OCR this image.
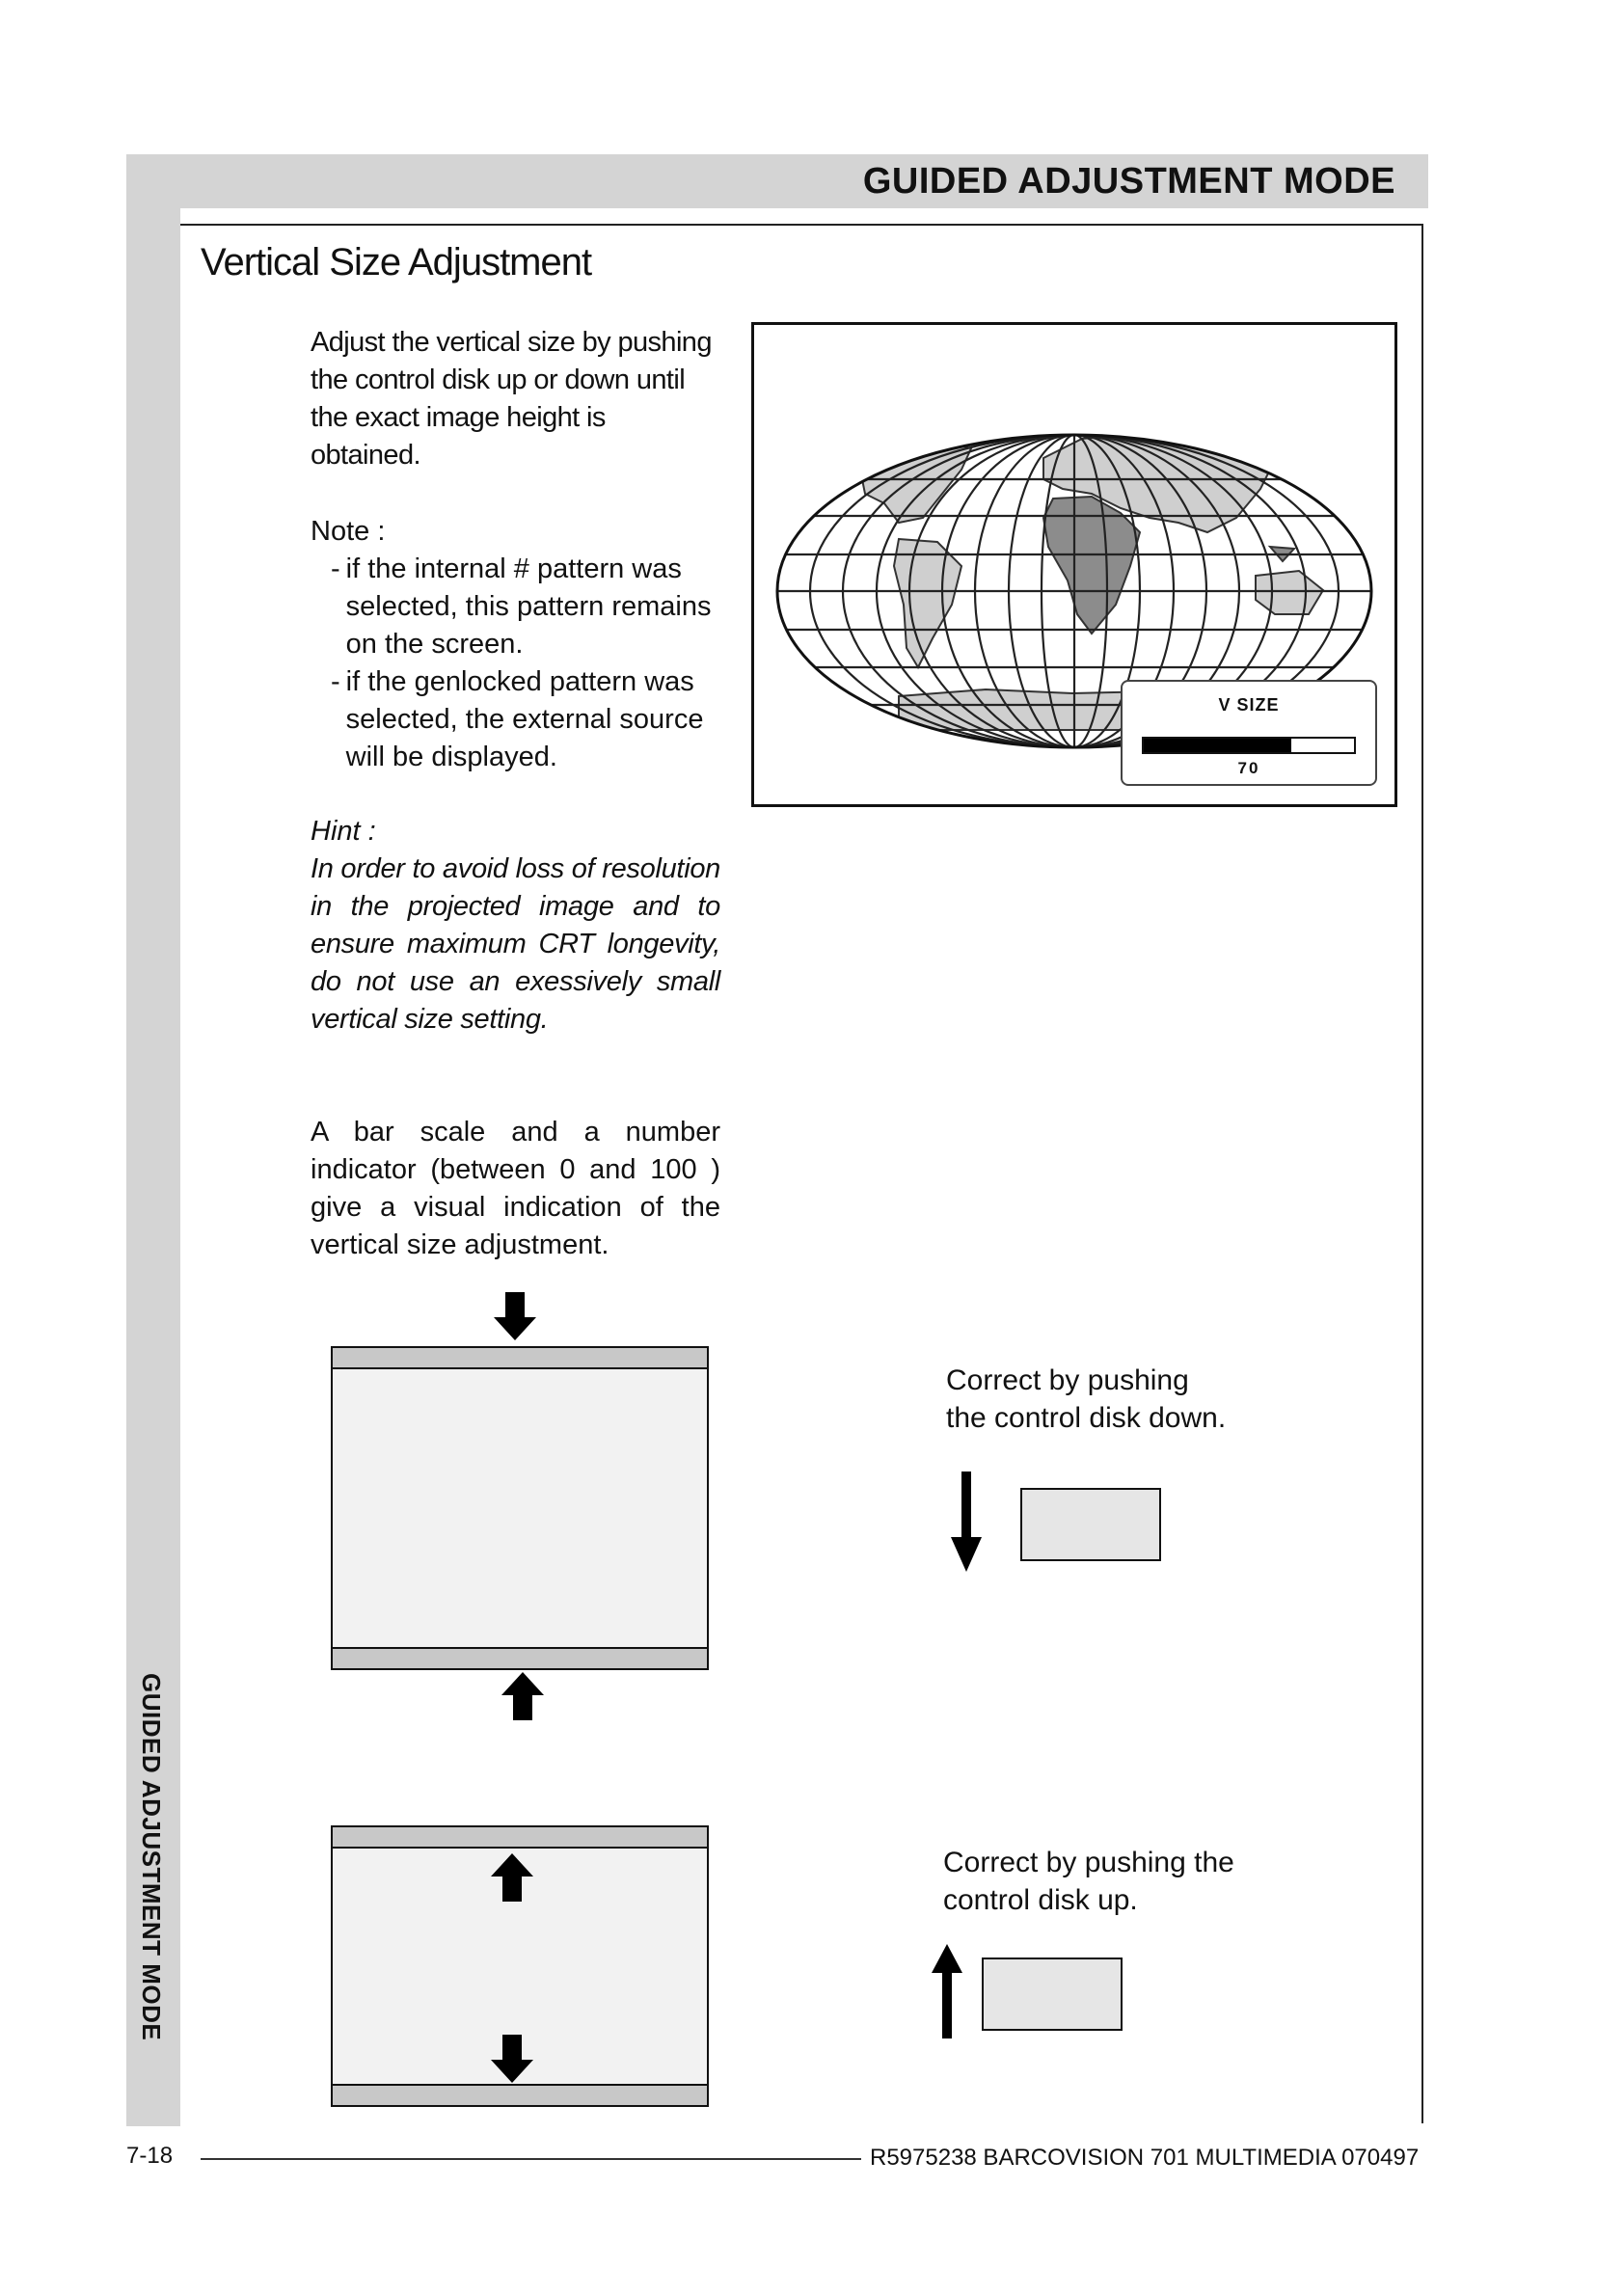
GUIDED ADJUSTMENT MODE
GUIDED ADJUSTMENT MODE
Vertical Size Adjustment
Adjust the vertical size by pushing the control disk up or down until the exact image height is obtained.
Note :
- if the internal # pattern was selected, this pattern remains on the screen.
- if the genlocked pattern was selected, the external source will be displayed.
Hint :
In order to avoid loss of resolution in the projected image and to ensure maximum CRT longevity, do not use an exessively small vertical size setting.
A bar scale and a number indicator (between 0 and 100 ) give a visual indication of the vertical size adjustment.
V SIZE
70
Correct by pushing the control disk down.
Correct by pushing the control disk up.
7-18	R5975238 BARCOVISION 701 MULTIMEDIA 070497
